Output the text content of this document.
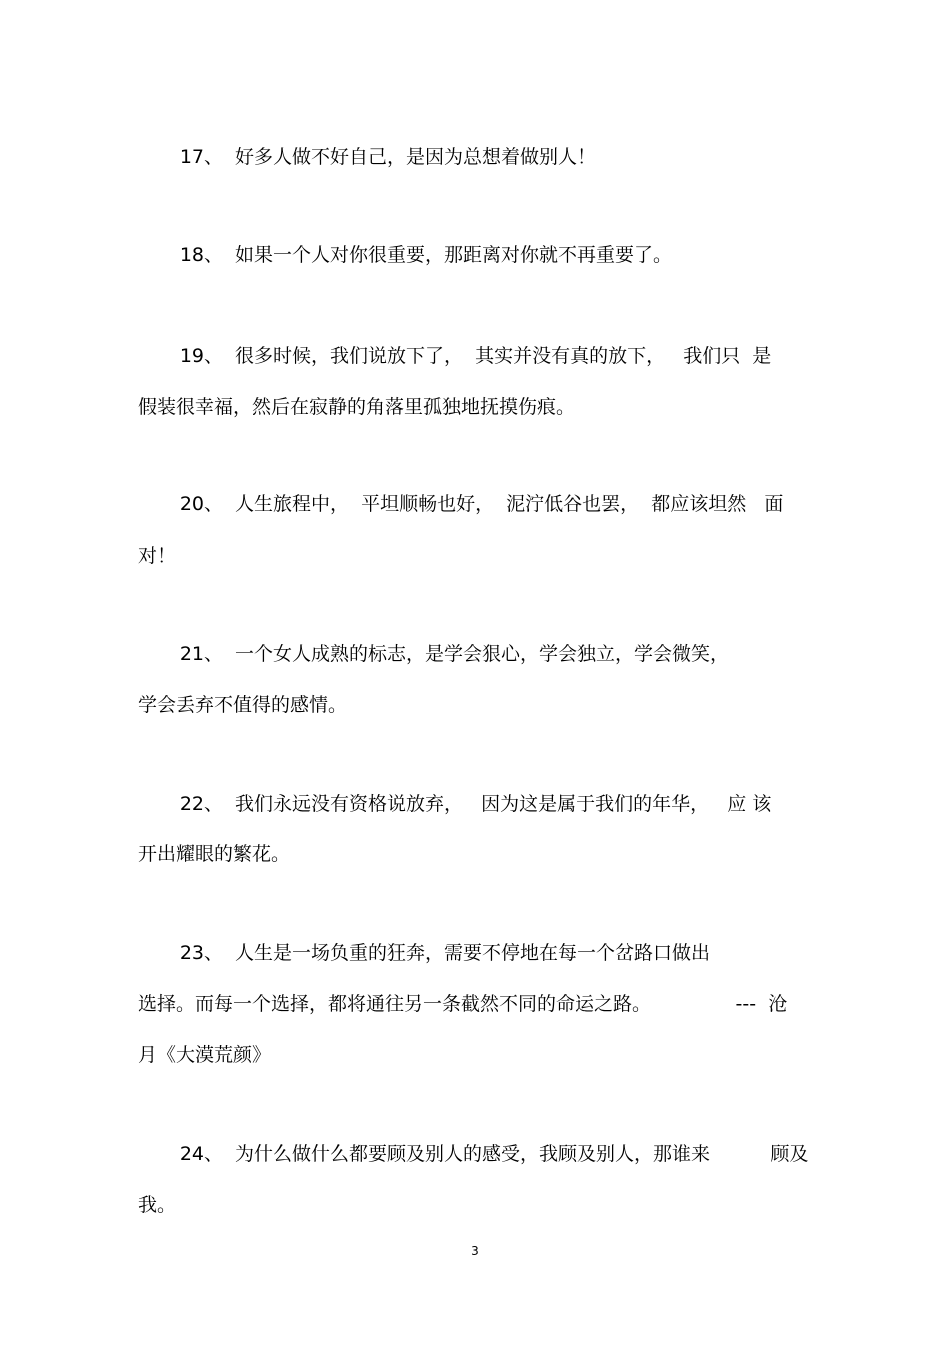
17、 好多人做不好自己，是因为总想着做别人！
18、 如果一个人对你很重要，那距离对你就不再重要了。
19、 很多时候，我们说放下了，  其实并没有真的放下，   我们只  是
假装很幸福，然后在寂静的角落里孤独地抚摸伤痕。
20、 人生旅程中，  平坦顺畅也好，  泥泞低谷也罢，  都应该坦然   面
对！
21、 一个女人成熟的标志，是学会狠心，学会独立，学会微笑，
学会丢弃不值得的感情。
22、 我们永远没有资格说放弃，   因为这是属于我们的年华，   应 该
开出耀眼的繁花。
23、 人生是一场负重的狂奔，需要不停地在每一个岔路口做出
选择。而每一个选择，都将通往另一条截然不同的命运之路。              ---  沧
月《大漠荒颜》
24、 为什么做什么都要顾及别人的感受，我顾及别人，那谁来          顾及
我。
3
